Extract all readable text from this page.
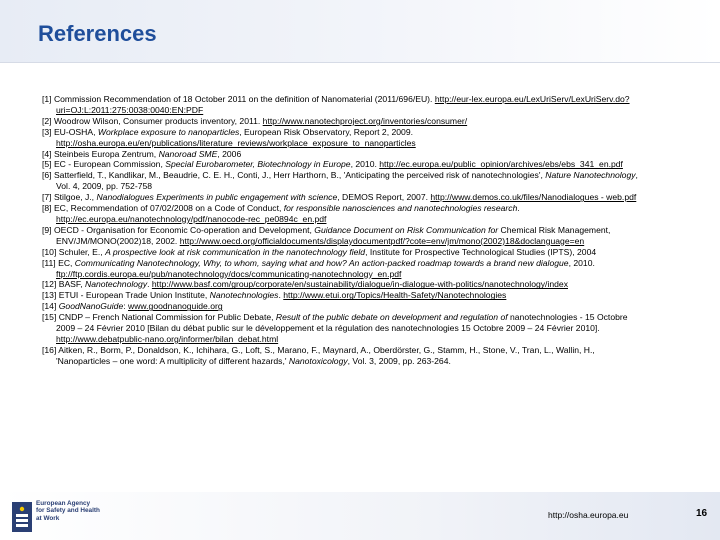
References

[1] Commission Recommendation of 18 October 2011 on the definition of Nanomaterial (2011/696/EU). http://eur-lex.europa.eu/LexUriServ/LexUriServ.do?uri=OJ:L:2011:275:0038:0040:EN:PDF

[2] Woodrow Wilson, Consumer products inventory, 2011. http://www.nanotechproject.org/inventories/consumer/

[3] EU-OSHA, Workplace exposure to nanoparticles, European Risk Observatory, Report 2, 2009. http://osha.europa.eu/en/publications/literature_reviews/workplace_exposure_to_nanoparticles

[4] Steinbeis Europa Zentrum, Nanoroad SME, 2006

[5] EC - European Commission, Special Eurobarometer, Biotechnology in Europe, 2010. http://ec.europa.eu/public_opinion/archives/ebs/ebs_341_en.pdf

[6] Satterfield, T., Kandlikar, M., Beaudrie, C. E. H., Conti, J., Herr Harthorn, B., 'Anticipating the perceived risk of nanotechnologies', Nature Nanotechnology, Vol. 4, 2009, pp. 752-758

[7] Stilgoe, J., Nanodialogues Experiments in public engagement with science, DEMOS Report, 2007. http://www.demos.co.uk/files/Nanodialogues - web.pdf

[8] EC, Recommendation of 07/02/2008 on a Code of Conduct, for responsible nanosciences and nanotechnologies research. http://ec.europa.eu/nanotechnology/pdf/nanocode-rec_pe0894c_en.pdf

[9] OECD - Organisation for Economic Co-operation and Development, Guidance Document on Risk Communication for Chemical Risk Management, ENV/JM/MONO(2002)18, 2002. http://www.oecd.org/officialdocuments/displaydocumentpdf/?cote=env/jm/mono(2002)18&doclanguage=en

[10] Schuler, E., A prospective look at risk communication in the nanotechnology field, Institute for Prospective Technological Studies (IPTS), 2004

[11] EC, Communicating Nanotechnology, Why, to whom, saying what and how? An action-packed roadmap towards a brand new dialogue, 2010. ftp://ftp.cordis.europa.eu/pub/nanotechnology/docs/communicating-nanotechnology_en.pdf

[12] BASF, Nanotechnology. http://www.basf.com/group/corporate/en/sustainability/dialogue/in-dialogue-with-politics/nanotechnology/index

[13] ETUI - European Trade Union Institute, Nanotechnologies. http://www.etui.org/Topics/Health-Safety/Nanotechnologies

[14] GoodNanoGuide: www.goodnanoguide.org

[15] CNDP – French National Commission for Public Debate, Result of the public debate on development and regulation of nanotechnologies - 15 Octobre 2009 – 24 Février 2010 [Bilan du débat public sur le développement et la régulation des nanotechnologies 15 Octobre 2009 – 24 Février 2010]. http://www.debatpublic-nano.org/informer/bilan_debat.html

[16] Aitken, R., Borm, P., Donaldson, K., Ichihara, G., Loft, S., Marano, F., Maynard, A., Oberdörster, G., Stamm, H., Stone, V., Tran, L., Wallin, H., 'Nanoparticles – one word: A multiplicity of different hazards,' Nanotoxicology, Vol. 3, 2009, pp. 263-264.

European Agency
for Safety and Health
at Work	http://osha.europa.eu	16
